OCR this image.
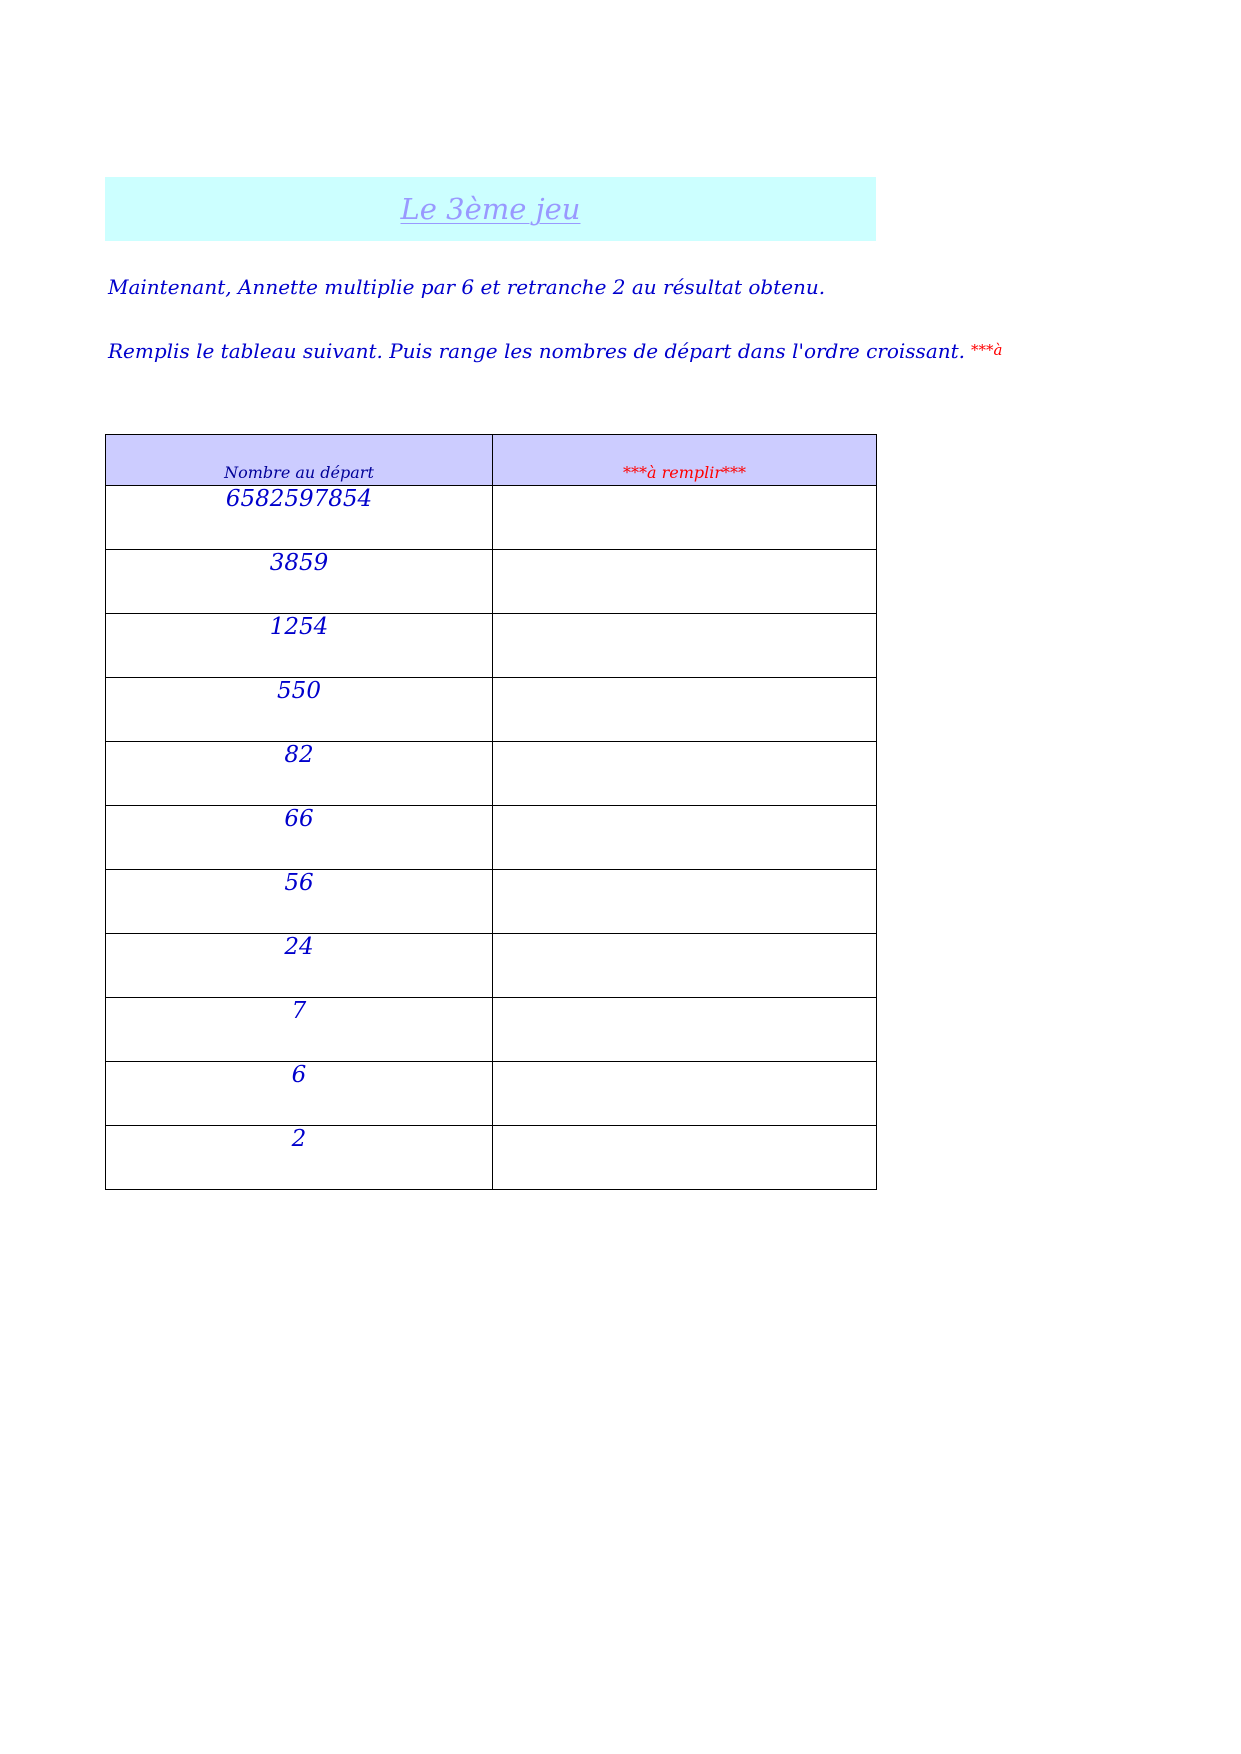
Le 3ème jeu
Maintenant, Annette multiplie par 6 et retranche 2 au résultat obtenu.
Remplis le tableau suivant. Puis range les nombres de départ dans l'ordre croissant. ***à
Nombre au départ	***à remplir***
6582597854	
3859	
1254	
550	
82	
66	
56	
24	
7	
6	
2	
